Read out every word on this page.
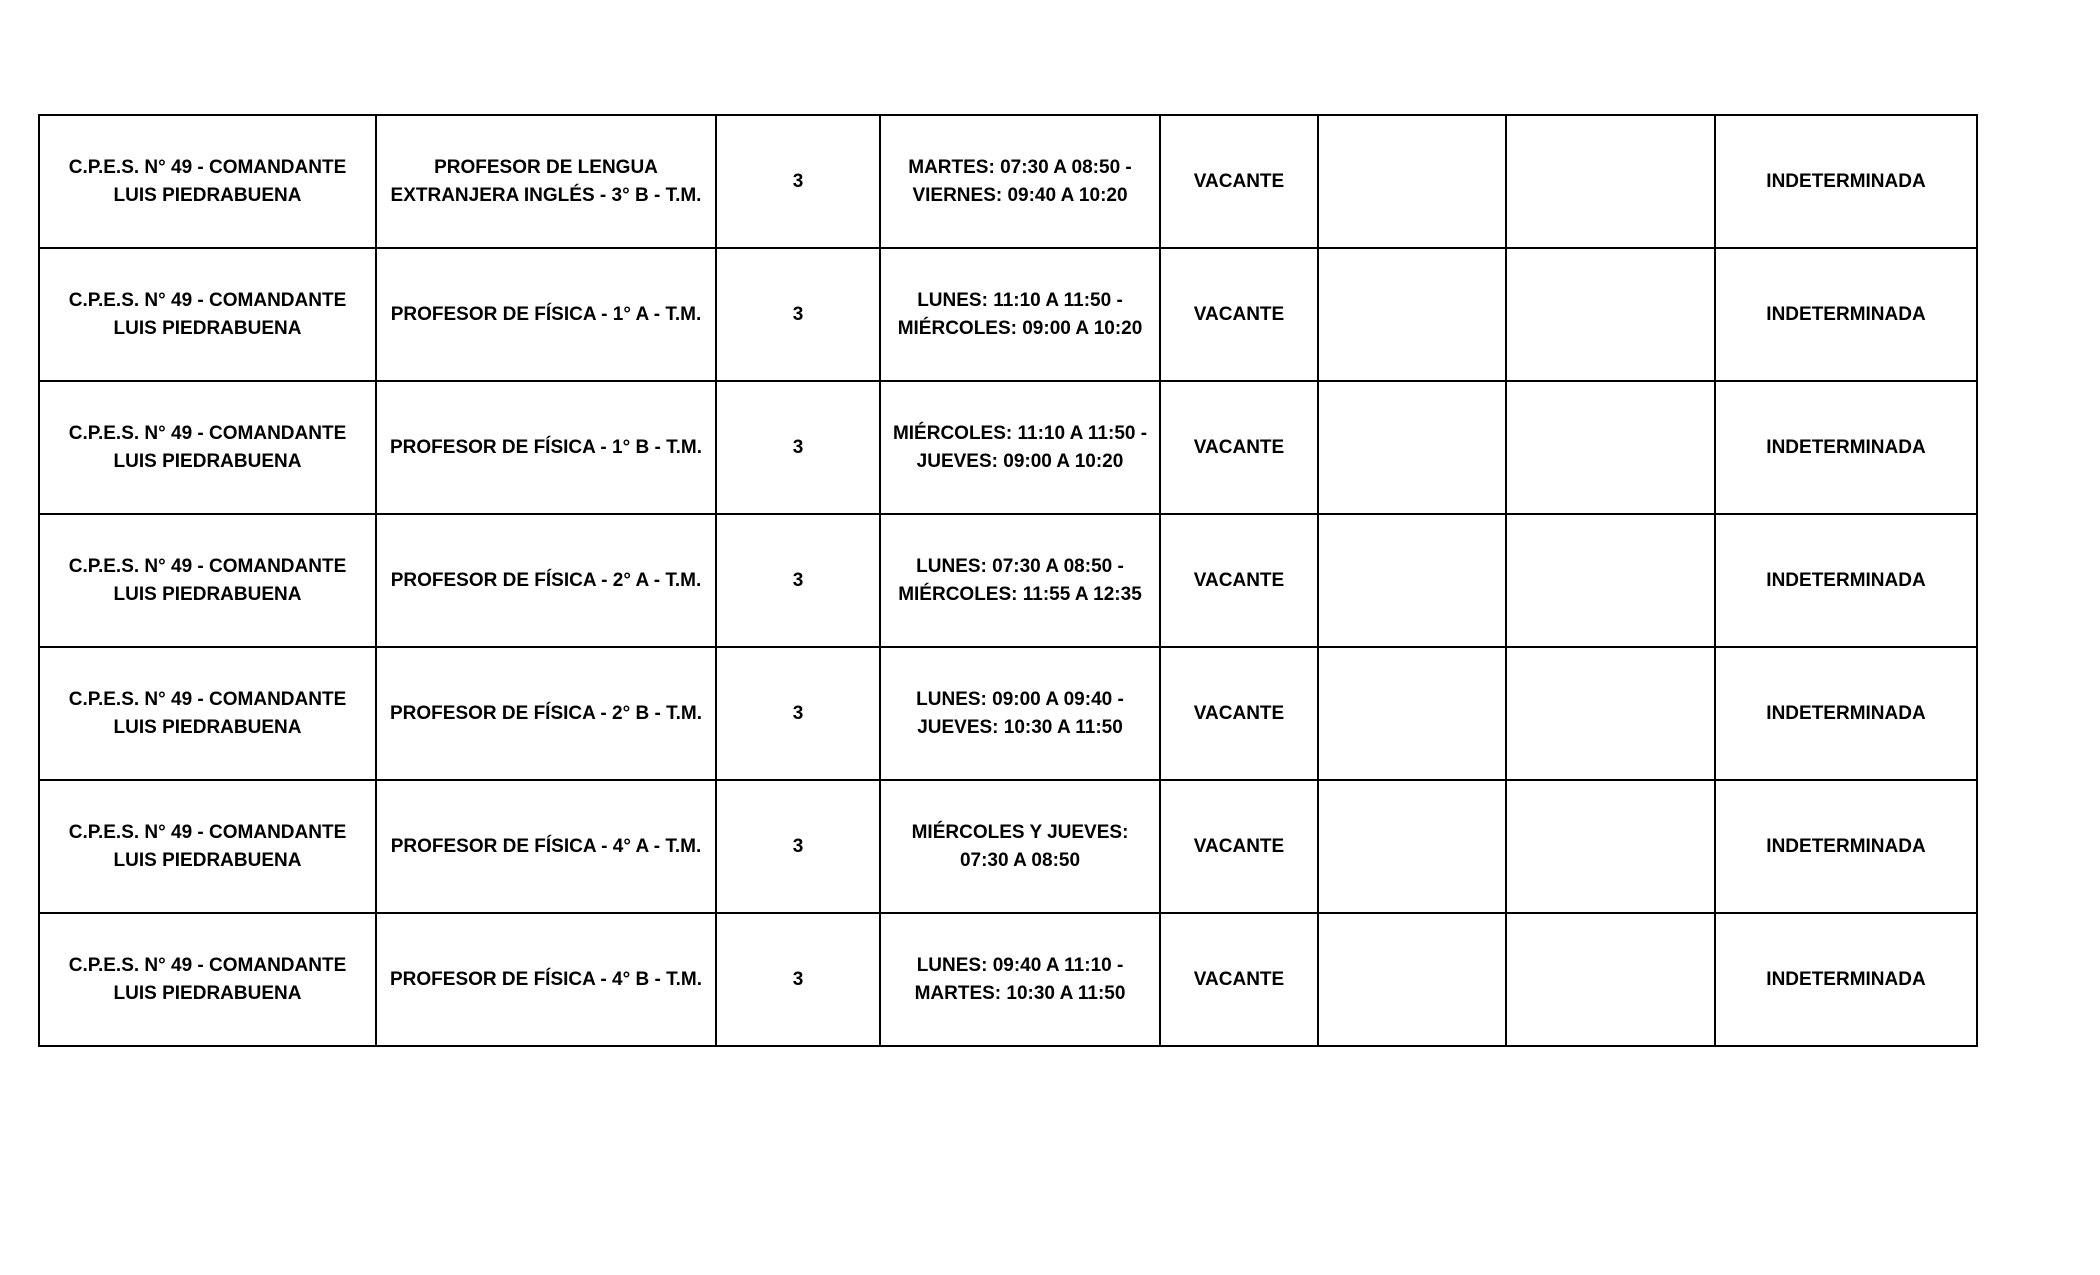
C.P.E.S. N° 49 - COMANDANTE LUIS PIEDRABUENA	PROFESOR DE LENGUA EXTRANJERA INGLÉS - 3° B - T.M.	3	MARTES: 07:30 A 08:50 - VIERNES: 09:40 A 10:20	VACANTE			INDETERMINADA
C.P.E.S. N° 49 - COMANDANTE LUIS PIEDRABUENA	PROFESOR DE FÍSICA - 1° A - T.M.	3	LUNES: 11:10 A 11:50 - MIÉRCOLES: 09:00 A 10:20	VACANTE			INDETERMINADA
C.P.E.S. N° 49 - COMANDANTE LUIS PIEDRABUENA	PROFESOR DE FÍSICA - 1° B - T.M.	3	MIÉRCOLES: 11:10 A 11:50 - JUEVES: 09:00 A 10:20	VACANTE			INDETERMINADA
C.P.E.S. N° 49 - COMANDANTE LUIS PIEDRABUENA	PROFESOR DE FÍSICA - 2° A - T.M.	3	LUNES: 07:30 A 08:50 - MIÉRCOLES: 11:55 A 12:35	VACANTE			INDETERMINADA
C.P.E.S. N° 49 - COMANDANTE LUIS PIEDRABUENA	PROFESOR DE FÍSICA - 2° B - T.M.	3	LUNES: 09:00 A 09:40 - JUEVES: 10:30 A 11:50	VACANTE			INDETERMINADA
C.P.E.S. N° 49 - COMANDANTE LUIS PIEDRABUENA	PROFESOR DE FÍSICA - 4° A - T.M.	3	MIÉRCOLES Y JUEVES: 07:30 A 08:50	VACANTE			INDETERMINADA
C.P.E.S. N° 49 - COMANDANTE LUIS PIEDRABUENA	PROFESOR DE FÍSICA - 4° B - T.M.	3	LUNES: 09:40 A 11:10 - MARTES: 10:30 A 11:50	VACANTE			INDETERMINADA
